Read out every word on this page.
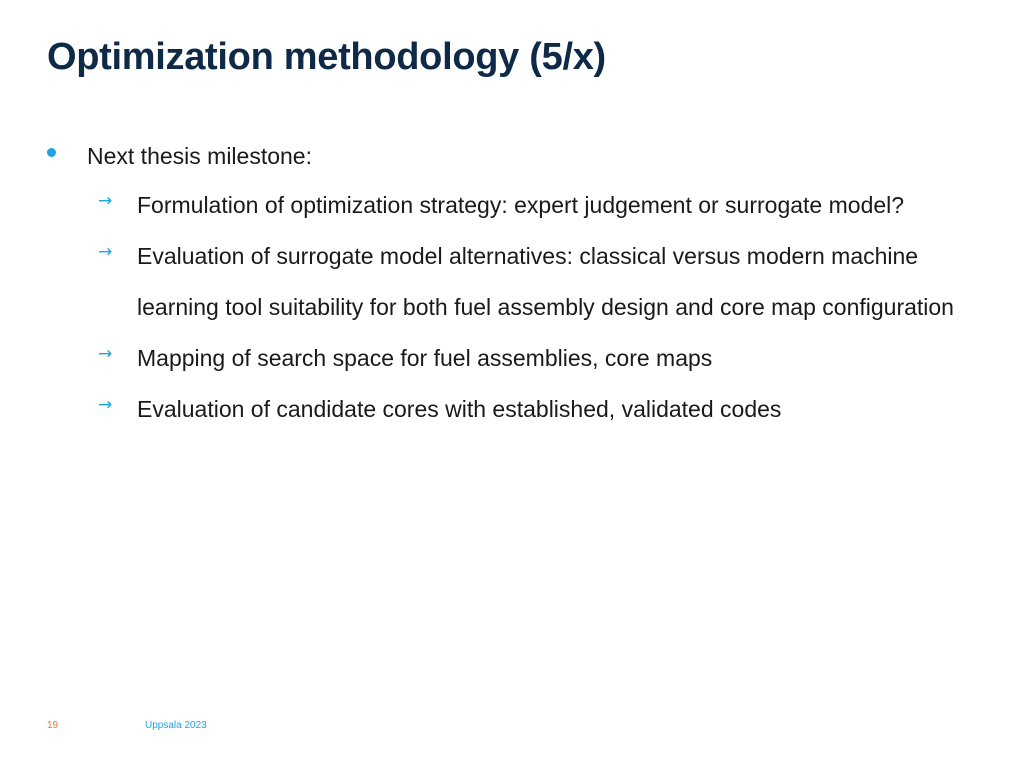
Optimization methodology (5/x)
Next thesis milestone:
→	Formulation of optimization strategy: expert judgement or surrogate model?
→	Evaluation of surrogate model alternatives: classical versus modern machine learning tool suitability for both fuel assembly design and core map configuration
→	Mapping of search space for fuel assemblies, core maps
→	Evaluation of candidate cores with established, validated codes
19	Uppsala 2023
